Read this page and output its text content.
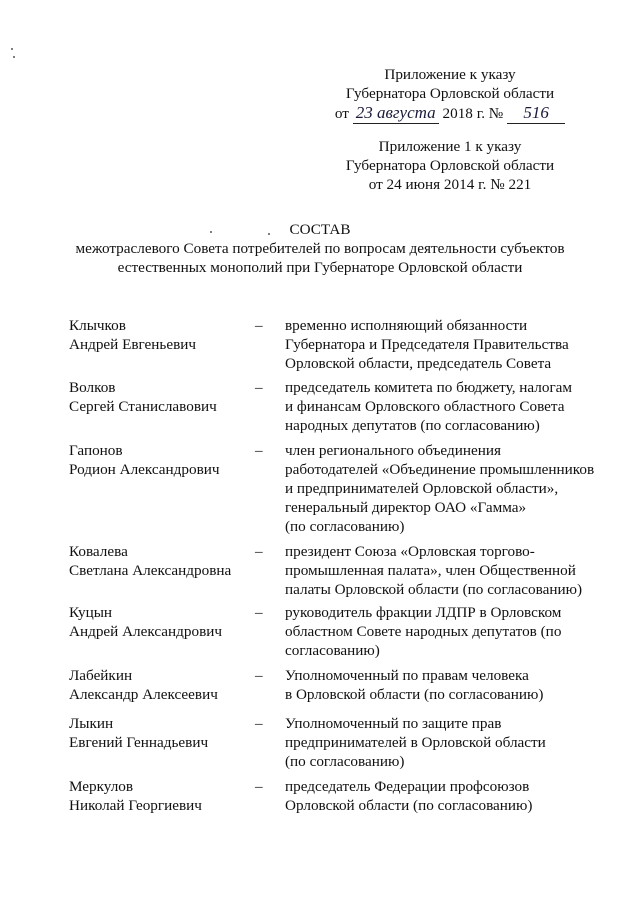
Приложение к указу
Губернатора Орловской области
от 23 августа 2018 г. № 516
Приложение 1 к указу
Губернатора Орловской области
от 24 июня 2014 г. № 221
СОСТАВ
межотраслевого Совета потребителей по вопросам деятельности субъектов
естественных монополий при Губернаторе Орловской области
Клычков
Андрей Евгеньевич
–	временно исполняющий обязанности
Губернатора и Председателя Правительства
Орловской области, председатель Совета
Волков
Сергей Станиславович
–	председатель комитета по бюджету, налогам
и финансам Орловского областного Совета
народных депутатов (по согласованию)
Гапонов
Родион Александрович
–	член регионального объединения
работодателей «Объединение промышленников
и предпринимателей Орловской области»,
генеральный директор ОАО «Гамма»
(по согласованию)
Ковалева
Светлана Александровна
–	президент Союза «Орловская торгово-
промышленная палата», член Общественной
палаты Орловской области (по согласованию)
Куцын
Андрей Александрович
–	руководитель фракции ЛДПР в Орловском
областном Совете народных депутатов (по
согласованию)
Лабейкин
Александр Алексеевич
–	Уполномоченный по правам человека
в Орловской области (по согласованию)
Лыкин
Евгений Геннадьевич
–	Уполномоченный по защите прав
предпринимателей в Орловской области
(по согласованию)
Меркулов
Николай Георгиевич
–	председатель Федерации профсоюзов
Орловской области (по согласованию)
